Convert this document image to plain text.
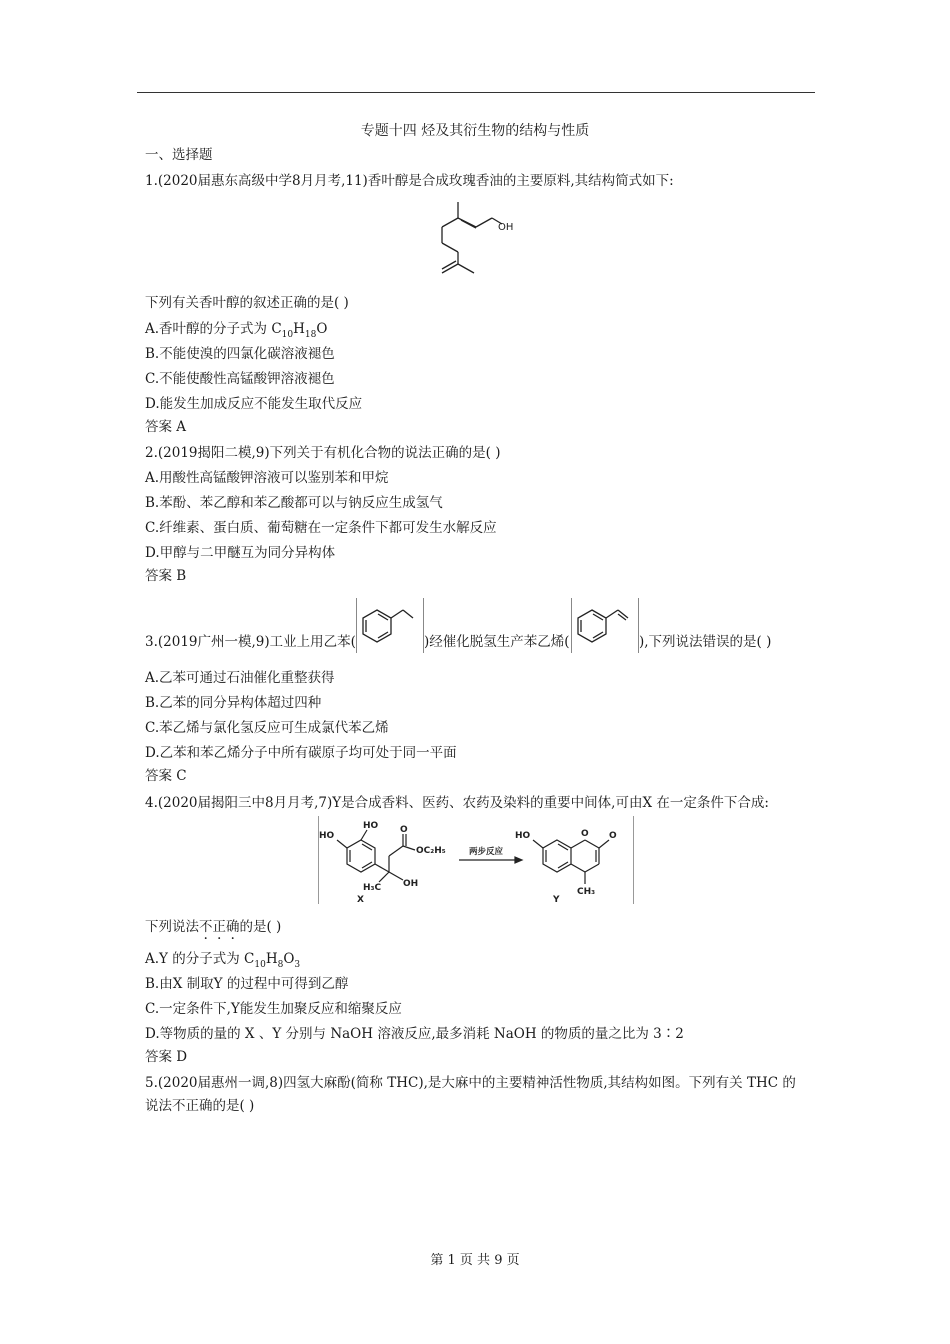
专题十四 烃及其衍生物的结构与性质
一、选择题
1.(2020届惠东高级中学8月月考,11)香叶醇是合成玫瑰香油的主要原料,其结构简式如下:
OH
下列有关香叶醇的叙述正确的是( )
A.香叶醇的分子式为 $C_{10}H_{18}O$
B.不能使溴的四氯化碳溶液褪色
C.不能使酸性高锰酸钾溶液褪色
D.能发生加成反应不能发生取代反应
答案 A
2.(2019揭阳二模,9)下列关于有机化合物的说法正确的是( )
A.用酸性高锰酸钾溶液可以鉴别苯和甲烷
B.苯酚、苯乙醇和苯乙酸都可以与钠反应生成氢气
C.纤维素、蛋白质、葡萄糖在一定条件下都可发生水解反应
D.甲醇与二甲醚互为同分异构体
答案 B
3.(2019广州一模,9)工业上用乙苯(	)经催化脱氢生产苯乙烯(	),下列说法错误的是( )
A.乙苯可通过石油催化重整获得
B.乙苯的同分异构体超过四种
C.苯乙烯与氯化氢反应可生成氯代苯乙烯
D.乙苯和苯乙烯分子中所有碳原子均可处于同一平面
答案 C
4.(2020届揭阳三中8月月考,7)Y是合成香料、医药、农药及染料的重要中间体,可由X 在一定条件下合成:
HO
HO O
OC₂H₅
H₃C OH
X
两步反应
HO	O O
CH₃
Y
下列说法不正确的是( )
A.Y 的分子式为 $C_{10}H_8O_3$
B.由X 制取Y 的过程中可得到乙醇
C.一定条件下,Y能发生加聚反应和缩聚反应
D.等物质的量的 X 、Y 分别与 NaOH 溶液反应,最多消耗 NaOH 的物质的量之比为 3∶2
答案 D
5.(2020届惠州一调,8)四氢大麻酚(简称 THC),是大麻中的主要精神活性物质,其结构如图。下列有关 THC 的
说法不正确的是( )
第 1 页 共 9 页
